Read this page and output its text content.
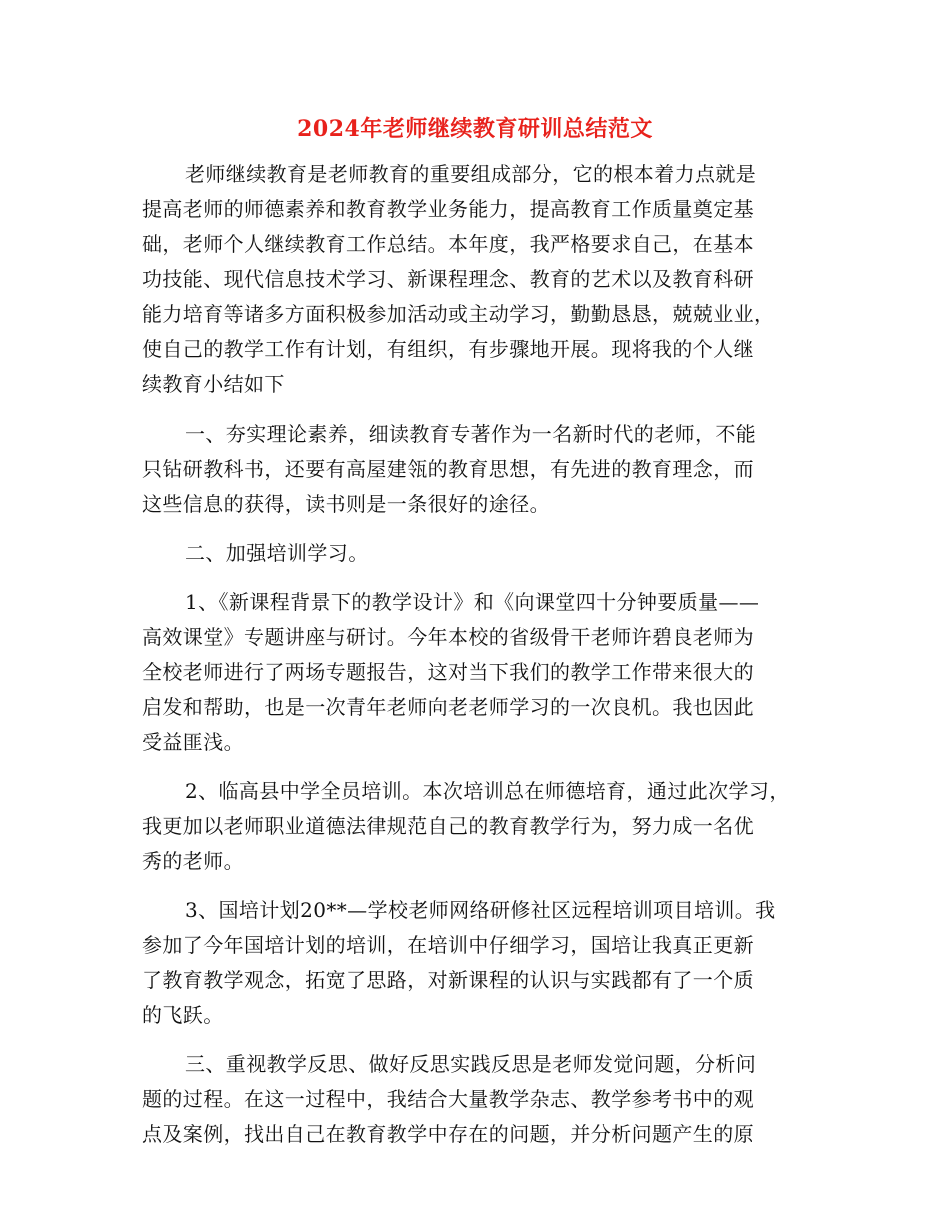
2024年老师继续教育研训总结范文
老师继续教育是老师教育的重要组成部分，它的根本着力点就是
提高老师的师德素养和教育教学业务能力，提高教育工作质量奠定基
础，老师个人继续教育工作总结。本年度，我严格要求自己，在基本
功技能、现代信息技术学习、新课程理念、教育的艺术以及教育科研
能力培育等诸多方面积极参加活动或主动学习，勤勤恳恳，兢兢业业，
使自己的教学工作有计划，有组织，有步骤地开展。现将我的个人继
续教育小结如下
一、夯实理论素养，细读教育专著作为一名新时代的老师，不能
只钻研教科书，还要有高屋建瓴的教育思想，有先进的教育理念，而
这些信息的获得，读书则是一条很好的途径。
二、加强培训学习。
1、《新课程背景下的教学设计》和《向课堂四十分钟要质量——
高效课堂》专题讲座与研讨。今年本校的省级骨干老师许碧良老师为
全校老师进行了两场专题报告，这对当下我们的教学工作带来很大的
启发和帮助，也是一次青年老师向老老师学习的一次良机。我也因此
受益匪浅。
2、临高县中学全员培训。本次培训总在师德培育，通过此次学习，
我更加以老师职业道德法律规范自己的教育教学行为，努力成一名优
秀的老师。
3、国培计划20**—学校老师网络研修社区远程培训项目培训。我
参加了今年国培计划的培训，在培训中仔细学习，国培让我真正更新
了教育教学观念，拓宽了思路，对新课程的认识与实践都有了一个质
的飞跃。
三、重视教学反思、做好反思实践反思是老师发觉问题，分析问
题的过程。在这一过程中，我结合大量教学杂志、教学参考书中的观
点及案例，找出自己在教育教学中存在的问题，并分析问题产生的原
